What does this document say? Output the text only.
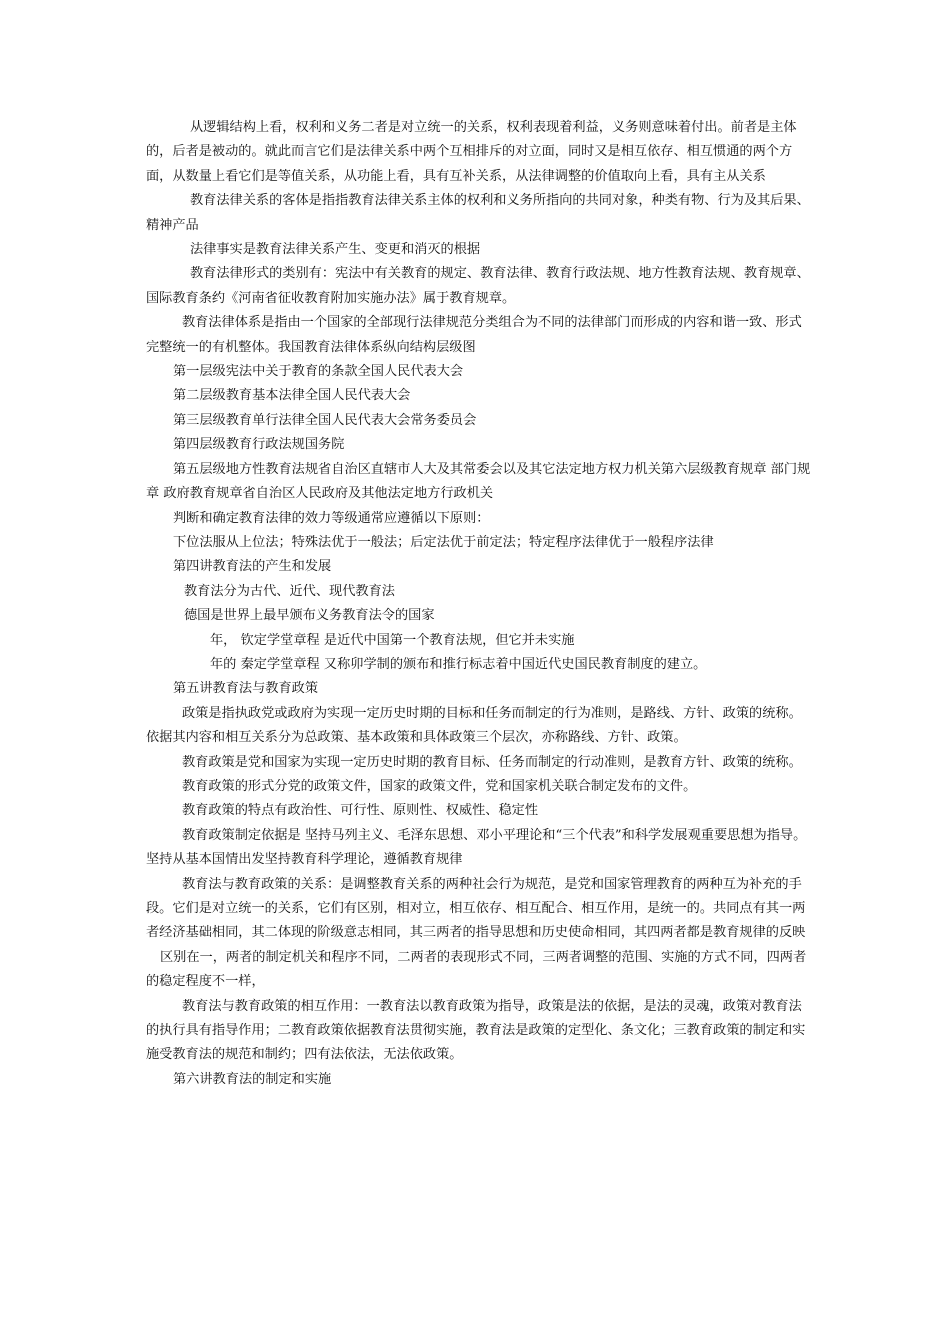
从逻辑结构上看，权利和义务二者是对立统一的关系，权利表现着利益，义务则意味着付出。前者是主体的，后者是被动的。就此而言它们是法律关系中两个互相排斥的对立面，同时又是相互依存、相互惯通的两个方面，从数量上看它们是等值关系，从功能上看，具有互补关系，从法律调整的价值取向上看，具有主从关系

教育法律关系的客体是指指教育法律关系主体的权利和义务所指向的共同对象，种类有物、行为及其后果、精神产品

法律事实是教育法律关系产生、变更和消灭的根据

教育法律形式的类别有：宪法中有关教育的规定、教育法律、教育行政法规、地方性教育法规、教育规章、国际教育条约《河南省征收教育附加实施办法》属于教育规章。

教育法律体系是指由一个国家的全部现行法律规范分类组合为不同的法律部门而形成的内容和谐一致、形式完整统一的有机整体。我国教育法律体系纵向结构层级图

第一层级宪法中关于教育的条款全国人民代表大会

第二层级教育基本法律全国人民代表大会

第三层级教育单行法律全国人民代表大会常务委员会

第四层级教育行政法规国务院

第五层级地方性教育法规省自治区直辖市人大及其常委会以及其它法定地方权力机关第六层级教育规章 部门规章 政府教育规章省自治区人民政府及其他法定地方行政机关

判断和确定教育法律的效力等级通常应遵循以下原则：

下位法服从上位法；特殊法优于一般法；后定法优于前定法；特定程序法律优于一般程序法律

第四讲教育法的产生和发展

教育法分为古代、近代、现代教育法

德国是世界上最早颁布义务教育法令的国家

年， 钦定学堂章程 是近代中国第一个教育法规，但它并未实施

年的 秦定学堂章程 又称卯学制的颁布和推行标志着中国近代史国民教育制度的建立。

第五讲教育法与教育政策

政策是指执政党或政府为实现一定历史时期的目标和任务而制定的行为准则，是路线、方针、政策的统称。依据其内容和相互关系分为总政策、基本政策和具体政策三个层次，亦称路线、方针、政策。

教育政策是党和国家为实现一定历史时期的教育目标、任务而制定的行动准则，是教育方针、政策的统称。

教育政策的形式分党的政策文件，国家的政策文件，党和国家机关联合制定发布的文件。

教育政策的特点有政治性、可行性、原则性、权威性、稳定性

教育政策制定依据是 坚持马列主义、毛泽东思想、邓小平理论和“三个代表”和科学发展观重要思想为指导。 坚持从基本国情出发坚持教育科学理论，遵循教育规律

教育法与教育政策的关系：是调整教育关系的两种社会行为规范，是党和国家管理教育的两种互为补充的手段。它们是对立统一的关系，它们有区别，相对立，相互依存、相互配合、相互作用，是统一的。共同点有其一两者经济基础相同，其二体现的阶级意志相同，其三两者的指导思想和历史使命相同，其四两者都是教育规律的反映

区别在一，两者的制定机关和程序不同，二两者的表现形式不同，三两者调整的范围、实施的方式不同，四两者的稳定程度不一样，

教育法与教育政策的相互作用：一教育法以教育政策为指导，政策是法的依据，是法的灵魂，政策对教育法的执行具有指导作用；二教育政策依据教育法贯彻实施，教育法是政策的定型化、条文化；三教育政策的制定和实施受教育法的规范和制约；四有法依法，无法依政策。

第六讲教育法的制定和实施
